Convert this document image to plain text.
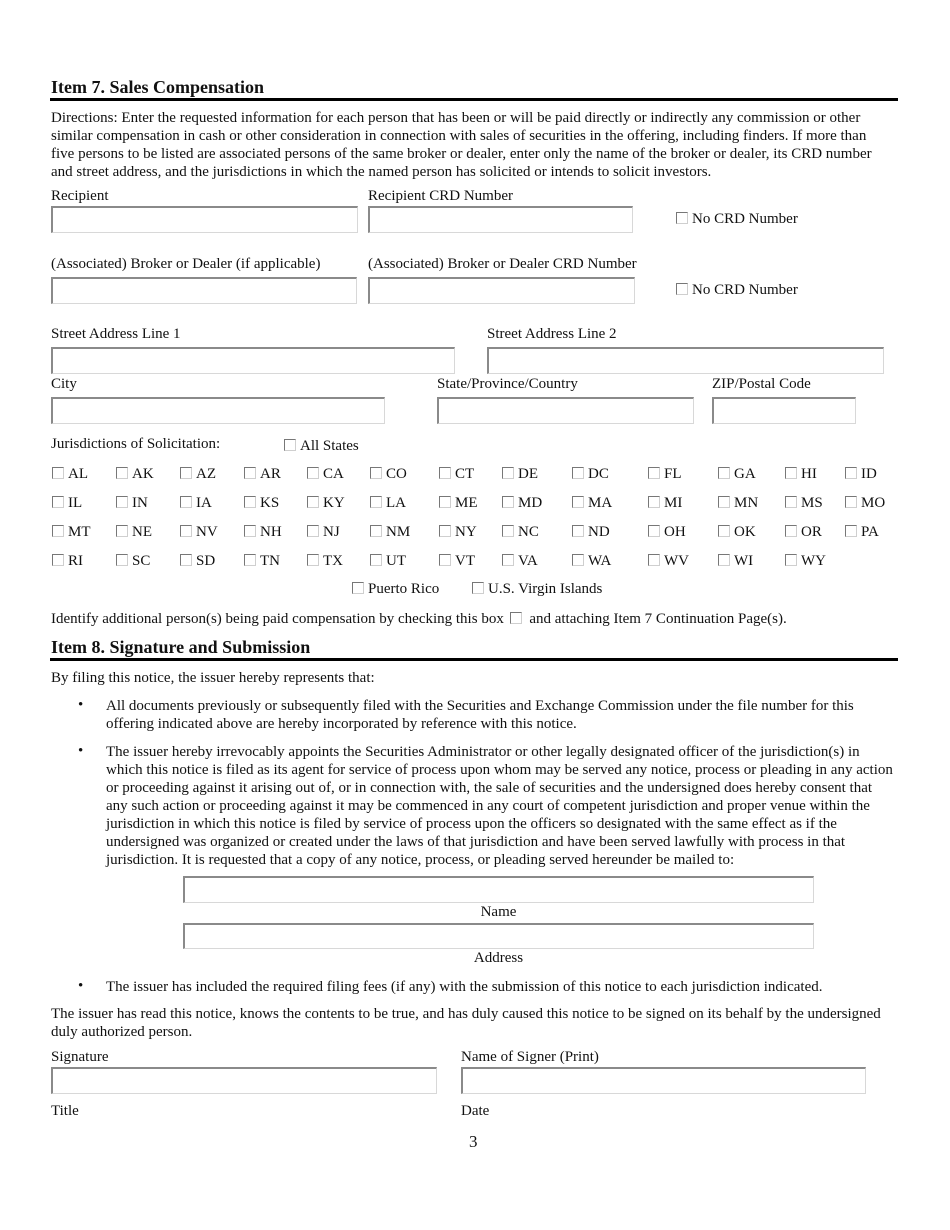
Item 7. Sales Compensation
Directions: Enter the requested information for each person that has been or will be paid directly or indirectly any commission or other similar compensation in cash or other consideration in connection with sales of securities in the offering, including finders. If more than five persons to be listed are associated persons of the same broker or dealer, enter only the name of the broker or dealer, its CRD number and street address, and the jurisdictions in which the named person has solicited or intends to solicit investors.
Recipient	Recipient CRD Number
No CRD Number
(Associated) Broker or Dealer (if applicable)	(Associated) Broker or Dealer CRD Number
No CRD Number
Street Address Line 1	Street Address Line 2
City	State/Province/Country	ZIP/Postal Code
Jurisdictions of Solicitation:	All States
AL	AK	AZ	AR	CA	CO	CT	DE	DC	FL	GA	HI	ID
IL	IN	IA	KS	KY	LA	ME	MD	MA	MI	MN	MS	MO
MT	NE	NV	NH	NJ	NM	NY	NC	ND	OH	OK	OR	PA
RI	SC	SD	TN	TX	UT	VT	VA	WA	WV	WI	WY
Puerto Rico	U.S. Virgin Islands
Identify additional person(s) being paid compensation by checking this box and attaching Item 7 Continuation Page(s).
Item 8. Signature and Submission
By filing this notice, the issuer hereby represents that:
• All documents previously or subsequently filed with the Securities and Exchange Commission under the file number for this offering indicated above are hereby incorporated by reference with this notice.
• The issuer hereby irrevocably appoints the Securities Administrator or other legally designated officer of the jurisdiction(s) in which this notice is filed as its agent for service of process upon whom may be served any notice, process or pleading in any action or proceeding against it arising out of, or in connection with, the sale of securities and the undersigned does hereby consent that any such action or proceeding against it may be commenced in any court of competent jurisdiction and proper venue within the jurisdiction in which this notice is filed by service of process upon the officers so designated with the same effect as if the undersigned was organized or created under the laws of that jurisdiction and have been served lawfully with process in that jurisdiction. It is requested that a copy of any notice, process, or pleading served hereunder be mailed to:
Name
Address
• The issuer has included the required filing fees (if any) with the submission of this notice to each jurisdiction indicated.
The issuer has read this notice, knows the contents to be true, and has duly caused this notice to be signed on its behalf by the undersigned duly authorized person.
Signature	Name of Signer (Print)
Title	Date
3
